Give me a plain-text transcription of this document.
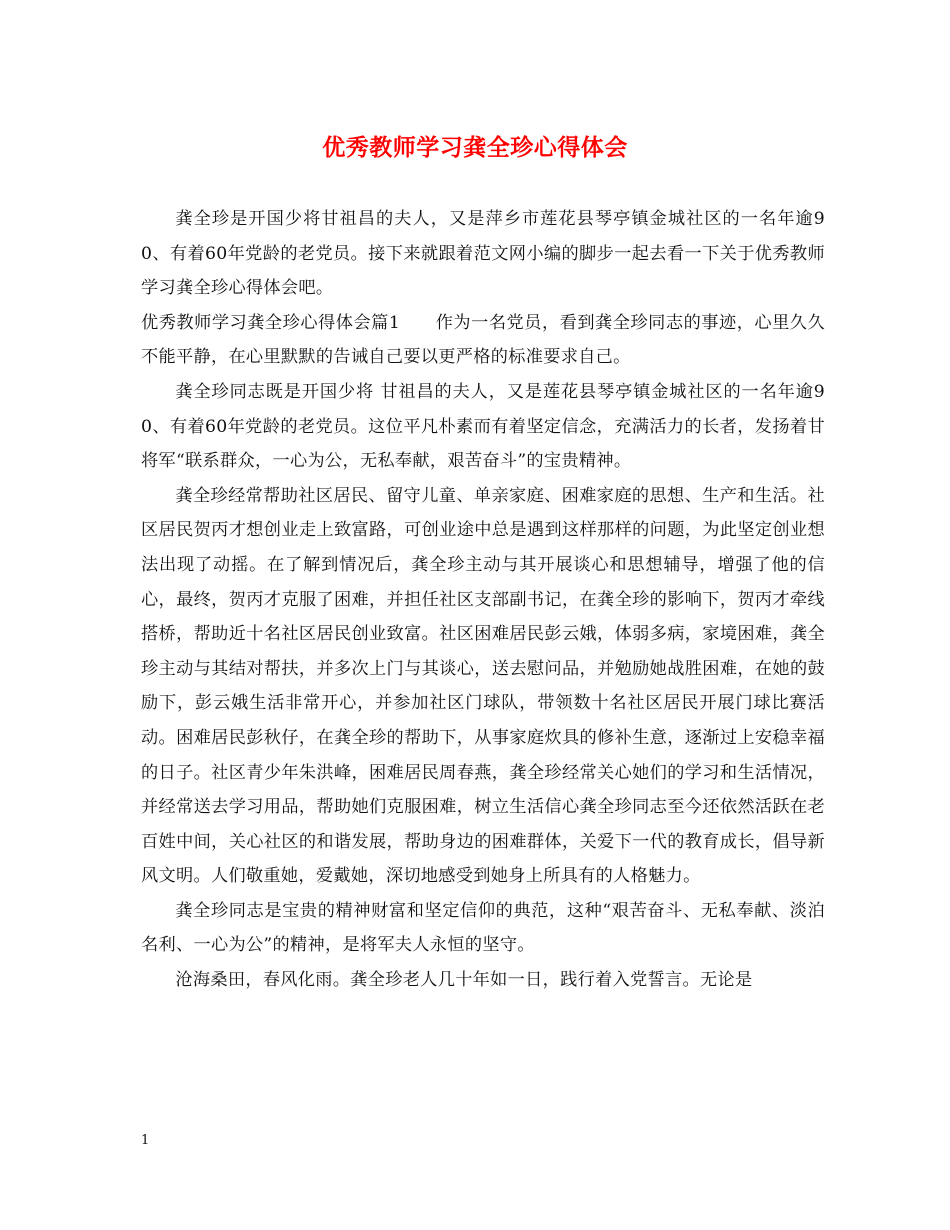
优秀教师学习龚全珍心得体会

龚全珍是开国少将甘祖昌的夫人，又是萍乡市莲花县琴亭镇金城社区的一名年逾90、有着60年党龄的老党员。接下来就跟着范文网小编的脚步一起去看一下关于优秀教师学习龚全珍心得体会吧。

优秀教师学习龚全珍心得体会篇1　　作为一名党员，看到龚全珍同志的事迹，心里久久不能平静，在心里默默的告诫自己要以更严格的标准要求自己。

龚全珍同志既是开国少将 甘祖昌的夫人，又是莲花县琴亭镇金城社区的一名年逾90、有着60年党龄的老党员。这位平凡朴素而有着坚定信念，充满活力的长者，发扬着甘将军“联系群众，一心为公，无私奉献，艰苦奋斗”的宝贵精神。

龚全珍经常帮助社区居民、留守儿童、单亲家庭、困难家庭的思想、生产和生活。社区居民贺丙才想创业走上致富路，可创业途中总是遇到这样那样的问题，为此坚定创业想法出现了动摇。在了解到情况后，龚全珍主动与其开展谈心和思想辅导，增强了他的信心，最终，贺丙才克服了困难，并担任社区支部副书记，在龚全珍的影响下，贺丙才牵线搭桥，帮助近十名社区居民创业致富。社区困难居民彭云娥，体弱多病，家境困难，龚全珍主动与其结对帮扶，并多次上门与其谈心，送去慰问品，并勉励她战胜困难，在她的鼓励下，彭云娥生活非常开心，并参加社区门球队，带领数十名社区居民开展门球比赛活动。困难居民彭秋仔，在龚全珍的帮助下，从事家庭炊具的修补生意，逐渐过上安稳幸福的日子。社区青少年朱洪峰，困难居民周春燕，龚全珍经常关心她们的学习和生活情况，并经常送去学习用品，帮助她们克服困难，树立生活信心龚全珍同志至今还依然活跃在老百姓中间，关心社区的和谐发展，帮助身边的困难群体，关爱下一代的教育成长，倡导新风文明。人们敬重她，爱戴她，深切地感受到她身上所具有的人格魅力。

龚全珍同志是宝贵的精神财富和坚定信仰的典范，这种“艰苦奋斗、无私奉献、淡泊名利、一心为公”的精神，是将军夫人永恒的坚守。

沧海桑田，春风化雨。龚全珍老人几十年如一日，践行着入党誓言。无论是

1
